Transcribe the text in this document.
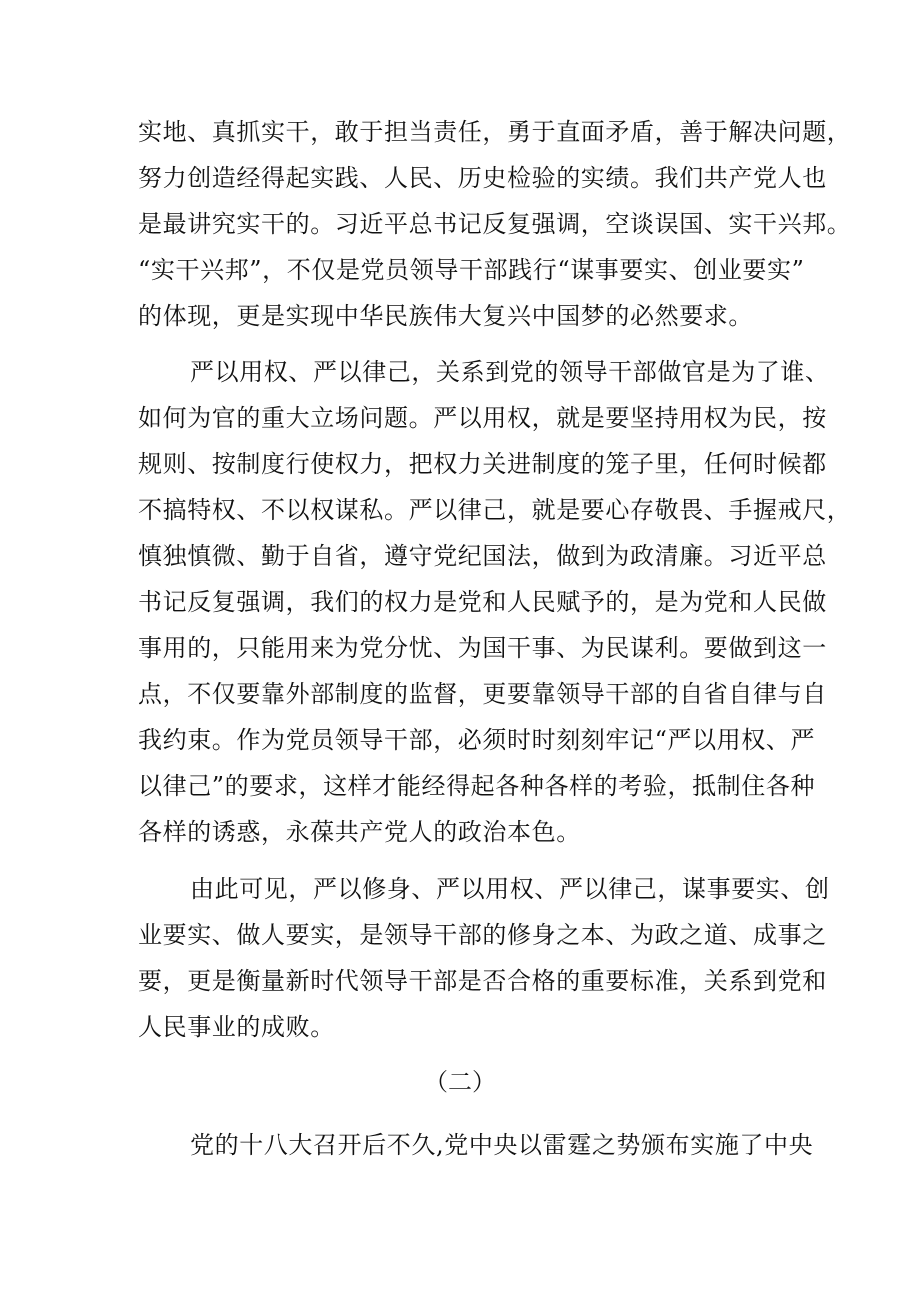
实地、真抓实干，敢于担当责任，勇于直面矛盾，善于解决问题，
努力创造经得起实践、人民、历史检验的实绩。我们共产党人也
是最讲究实干的。习近平总书记反复强调，空谈误国、实干兴邦。
“实干兴邦”，不仅是党员领导干部践行“谋事要实、创业要实”
的体现，更是实现中华民族伟大复兴中国梦的必然要求。
严以用权、严以律己，关系到党的领导干部做官是为了谁、
如何为官的重大立场问题。严以用权，就是要坚持用权为民，按
规则、按制度行使权力，把权力关进制度的笼子里，任何时候都
不搞特权、不以权谋私。严以律己，就是要心存敬畏、手握戒尺，
慎独慎微、勤于自省，遵守党纪国法，做到为政清廉。习近平总
书记反复强调，我们的权力是党和人民赋予的，是为党和人民做
事用的，只能用来为党分忧、为国干事、为民谋利。要做到这一
点，不仅要靠外部制度的监督，更要靠领导干部的自省自律与自
我约束。作为党员领导干部，必须时时刻刻牢记“严以用权、严
以律己”的要求，这样才能经得起各种各样的考验，抵制住各种
各样的诱惑，永葆共产党人的政治本色。
由此可见，严以修身、严以用权、严以律己，谋事要实、创
业要实、做人要实，是领导干部的修身之本、为政之道、成事之
要，更是衡量新时代领导干部是否合格的重要标准，关系到党和
人民事业的成败。
（二）
党的十八大召开后不久,党中央以雷霆之势颁布实施了中央
